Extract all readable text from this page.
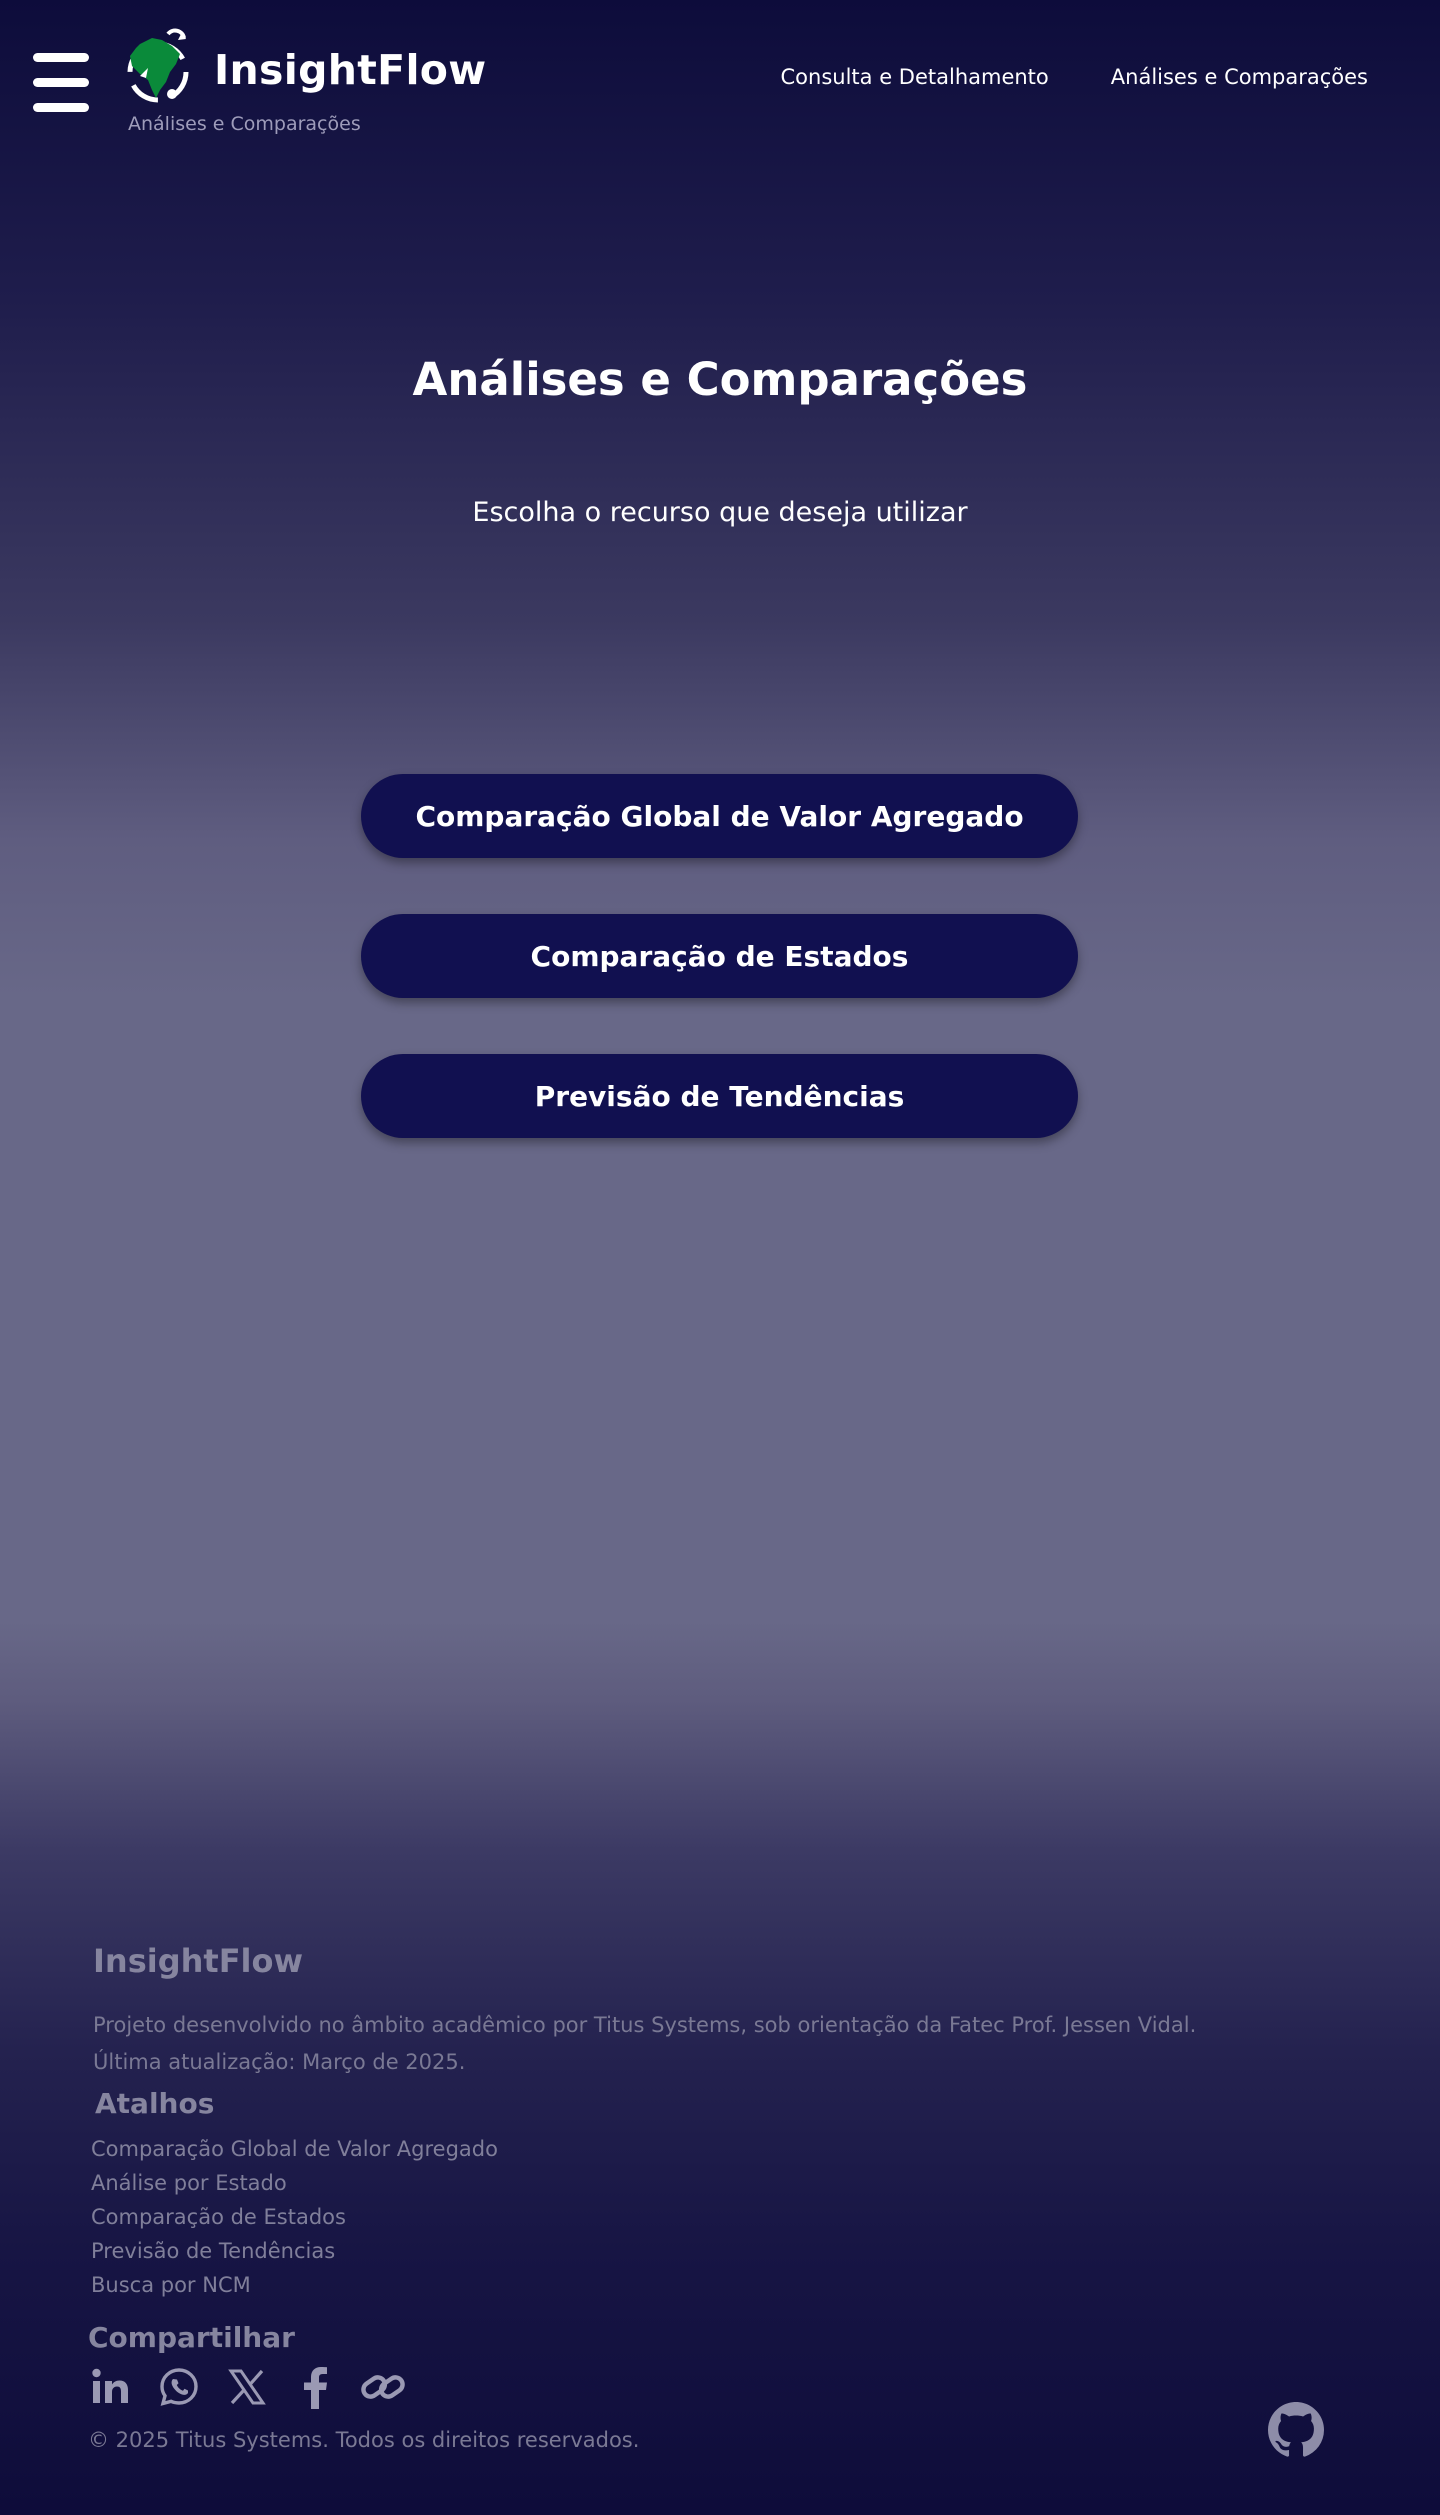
InsightFlow
Análises e Comparações
Consulta e Detalhamento	Análises e Comparações
Análises e Comparações

Escolha o recurso que deseja utilizar

Comparação Global de Valor Agregado
Comparação de Estados
Previsão de Tendências
InsightFlow
Projeto desenvolvido no âmbito acadêmico por Titus Systems, sob orientação da Fatec Prof. Jessen Vidal.
Última atualização: Março de 2025.
Atalhos
Comparação Global de Valor Agregado
Análise por Estado
Comparação de Estados
Previsão de Tendências
Busca por NCM
Compartilhar
© 2025 Titus Systems. Todos os direitos reservados.
